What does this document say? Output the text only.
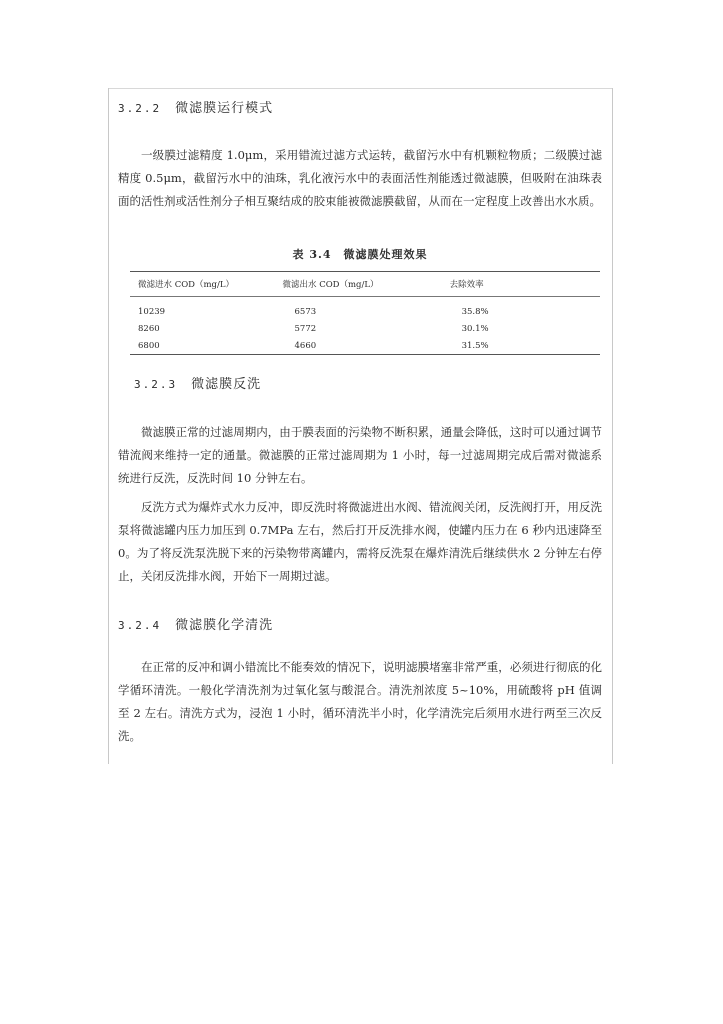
3.2.2 微滤膜运行模式
一级膜过滤精度 1.0μm，采用错流过滤方式运转，截留污水中有机颗粒物质；二级膜过滤精度 0.5μm，截留污水中的油珠，乳化液污水中的表面活性剂能透过微滤膜，但吸附在油珠表面的活性剂或活性剂分子相互聚结成的胶束能被微滤膜截留，从而在一定程度上改善出水水质。
表 3.4 微滤膜处理效果
微滤进水 COD（mg/L）	微滤出水 COD（mg/L）	去除效率
10239	6573	35.8%
8260	5772	30.1%
6800	4660	31.5%
3.2.3 微滤膜反洗
微滤膜正常的过滤周期内，由于膜表面的污染物不断积累，通量会降低，这时可以通过调节错流阀来维持一定的通量。微滤膜的正常过滤周期为 1 小时，每一过滤周期完成后需对微滤系统进行反洗，反洗时间 10 分钟左右。
反洗方式为爆炸式水力反冲，即反洗时将微滤进出水阀、错流阀关闭，反洗阀打开，用反洗泵将微滤罐内压力加压到 0.7MPa 左右，然后打开反洗排水阀，使罐内压力在 6 秒内迅速降至 0。为了将反洗泵洗脱下来的污染物带离罐内，需将反洗泵在爆炸清洗后继续供水 2 分钟左右停止，关闭反洗排水阀，开始下一周期过滤。
3.2.4 微滤膜化学清洗
在正常的反冲和调小错流比不能奏效的情况下，说明滤膜堵塞非常严重，必须进行彻底的化学循环清洗。一般化学清洗剂为过氧化氢与酸混合。清洗剂浓度 5~10%，用硫酸将 pH 值调至 2 左右。清洗方式为，浸泡 1 小时，循环清洗半小时，化学清洗完后须用水进行两至三次反洗。
